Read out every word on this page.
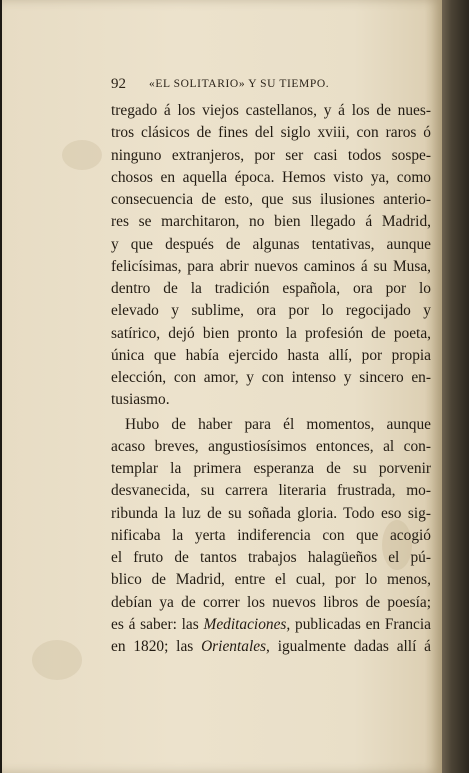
92 «EL SOLITARIO» Y SU TIEMPO.
tregado á los viejos castellanos, y á los de nues-
tros clásicos de fines del siglo xviii, con raros ó
ninguno extranjeros, por ser casi todos sospe-
chosos en aquella época. Hemos visto ya, como
consecuencia de esto, que sus ilusiones anterio-
res se marchitaron, no bien llegado á Madrid,
y que después de algunas tentativas, aunque
felicísimas, para abrir nuevos caminos á su Musa,
dentro de la tradición española, ora por lo
elevado y sublime, ora por lo regocijado y
satírico, dejó bien pronto la profesión de poeta,
única que había ejercido hasta allí, por propia
elección, con amor, y con intenso y sincero en-
tusiasmo.
Hubo de haber para él momentos, aunque
acaso breves, angustiosísimos entonces, al con-
templar la primera esperanza de su porvenir
desvanecida, su carrera literaria frustrada, mo-
ribunda la luz de su soñada gloria. Todo eso sig-
nificaba la yerta indiferencia con que acogió
el fruto de tantos trabajos halagüeños el pú-
blico de Madrid, entre el cual, por lo menos,
debían ya de correr los nuevos libros de poesía;
es á saber: las Meditaciones, publicadas en Francia
en 1820; las Orientales, igualmente dadas allí á
